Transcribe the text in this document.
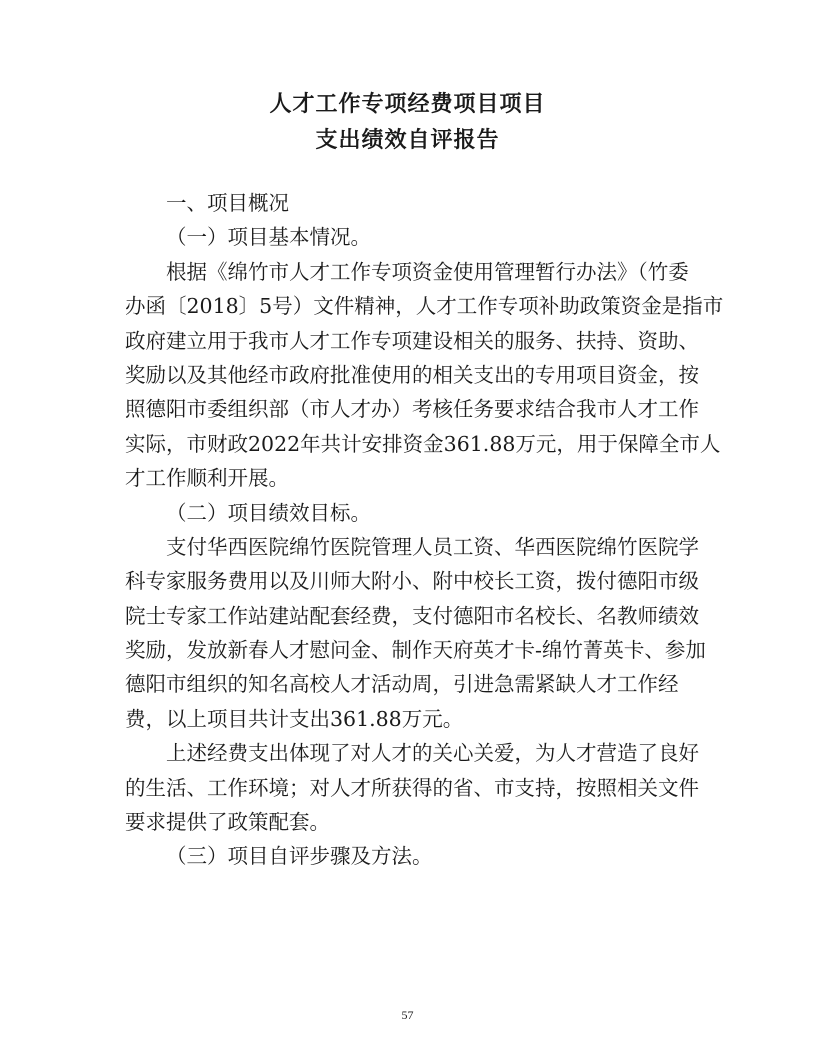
人才工作专项经费项目项目
支出绩效自评报告
一、项目概况
（一）项目基本情况。
根据《绵竹市人才工作专项资金使用管理暂行办法》（竹委
办函〔2018〕5号）文件精神，人才工作专项补助政策资金是指市
政府建立用于我市人才工作专项建设相关的服务、扶持、资助、
奖励以及其他经市政府批准使用的相关支出的专用项目资金，按
照德阳市委组织部（市人才办）考核任务要求结合我市人才工作
实际，市财政2022年共计安排资金361.88万元，用于保障全市人
才工作顺利开展。
（二）项目绩效目标。
支付华西医院绵竹医院管理人员工资、华西医院绵竹医院学
科专家服务费用以及川师大附小、附中校长工资，拨付德阳市级
院士专家工作站建站配套经费，支付德阳市名校长、名教师绩效
奖励，发放新春人才慰问金、制作天府英才卡-绵竹菁英卡、参加
德阳市组织的知名高校人才活动周，引进急需紧缺人才工作经
费，以上项目共计支出361.88万元。
上述经费支出体现了对人才的关心关爱，为人才营造了良好
的生活、工作环境；对人才所获得的省、市支持，按照相关文件
要求提供了政策配套。
（三）项目自评步骤及方法。
57
